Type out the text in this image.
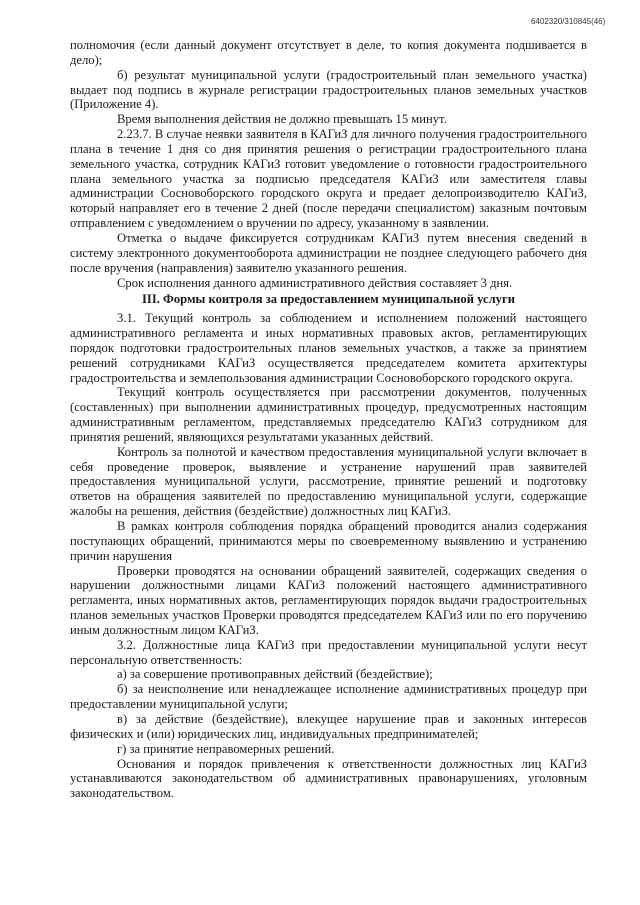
6402320/310845(46)

полномочия (если данный документ отсутствует в деле, то копия документа подшивается в дело);

б) результат муниципальной услуги (градостроительный план земельного участка) выдает под подпись в журнале регистрации градостроительных планов земельных участков (Приложение 4).

Время выполнения действия не должно превышать 15 минут.

2.23.7. В случае неявки заявителя в КАГиЗ для личного получения градостроительного плана в течение 1 дня со дня принятия решения о регистрации градостроительного плана земельного участка, сотрудник КАГиЗ готовит уведомление о готовности градостроительного плана земельного участка за подписью председателя КАГиЗ или заместителя главы администрации Сосновоборского городского округа и предает делопроизводителю КАГиЗ, который направляет его в течение 2 дней (после передачи специалистом) заказным почтовым отправлением с уведомлением о вручении по адресу, указанному в заявлении.

Отметка о выдаче фиксируется сотрудникам КАГиЗ путем внесения сведений в систему электронного документооборота администрации не позднее следующего рабочего дня после вручения (направления) заявителю указанного решения.

Срок исполнения данного административного действия составляет 3 дня.

III. Формы контроля за предоставлением муниципальной услуги

3.1. Текущий контроль за соблюдением и исполнением положений настоящего административного регламента и иных нормативных правовых актов, регламентирующих порядок подготовки градостроительных планов земельных участков, а также за принятием решений сотрудниками КАГиЗ осуществляется председателем комитета архитектуры градостроительства и землепользования администрации Сосновоборского городского округа.

Текущий контроль осуществляется при рассмотрении документов, полученных (составленных) при выполнении административных процедур, предусмотренных настоящим административным регламентом, представляемых председателю КАГиЗ сотрудником для принятия решений, являющихся результатами указанных действий.

Контроль за полнотой и качеством предоставления муниципальной услуги включает в себя проведение проверок, выявление и устранение нарушений прав заявителей предоставления муниципальной услуги, рассмотрение, принятие решений и подготовку ответов на обращения заявителей по предоставлению муниципальной услуги, содержащие жалобы на решения, действия (бездействие) должностных лиц КАГиЗ.

В рамках контроля соблюдения порядка обращений проводится анализ содержания поступающих обращений, принимаются меры по своевременному выявлению и устранению причин нарушения

Проверки проводятся на основании обращений заявителей, содержащих сведения о нарушении должностными лицами КАГиЗ положений настоящего административного регламента, иных нормативных актов, регламентирующих порядок выдачи градостроительных планов земельных участков Проверки проводятся председателем КАГиЗ или по его поручению иным должностным лицом КАГиЗ.

3.2. Должностные лица КАГиЗ при предоставлении муниципальной услуги несут персональную ответственность:

а) за совершение противоправных действий (бездействие);

б) за неисполнение или ненадлежащее исполнение административных процедур при предоставлении муниципальной услуги;

в) за действие (бездействие), влекущее нарушение прав и законных интересов физических и (или) юридических лиц, индивидуальных предпринимателей;

г) за принятие неправомерных решений.

Основания и порядок привлечения к ответственности должностных лиц КАГиЗ устанавливаются законодательством об административных правонарушениях, уголовным законодательством.
